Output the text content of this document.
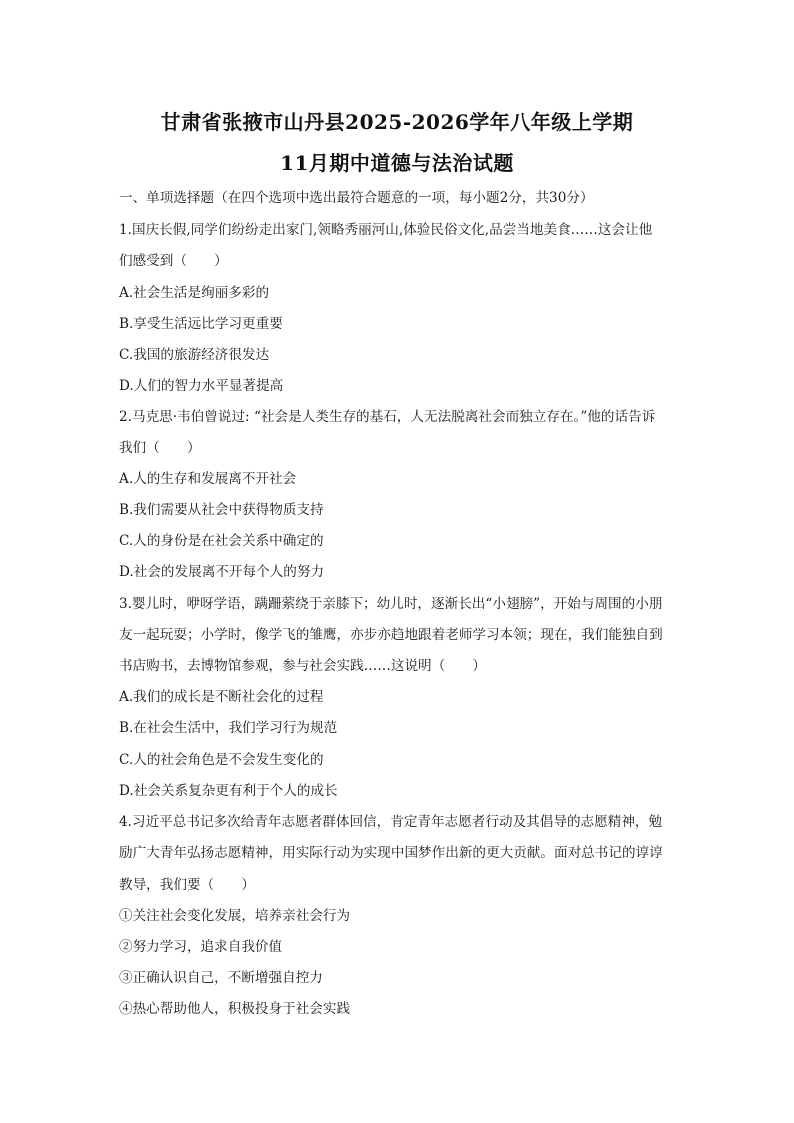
甘肃省张掖市山丹县2025-2026学年八年级上学期
11月期中道德与法治试题
一、单项选择题（在四个选项中选出最符合题意的一项，每小题2分，共30分）
1.国庆长假,同学们纷纷走出家门,领略秀丽河山,体验民俗文化,品尝当地美食……这会让他
们感受到（　　）
A.社会生活是绚丽多彩的
B.享受生活远比学习更重要
C.我国的旅游经济很发达
D.人们的智力水平显著提高
2.马克思·韦伯曾说过: “社会是人类生存的基石，人无法脱离社会而独立存在。”他的话告诉
我们（　　）
A.人的生存和发展离不开社会
B.我们需要从社会中获得物质支持
C.人的身份是在社会关系中确定的
D.社会的发展离不开每个人的努力
3.婴儿时，咿呀学语，蹒跚萦绕于亲膝下；幼儿时，逐渐长出“小翅膀”，开始与周围的小朋
友一起玩耍；小学时，像学飞的雏鹰，亦步亦趋地跟着老师学习本领；现在，我们能独自到
书店购书，去博物馆参观，参与社会实践……这说明（　　）
A.我们的成长是不断社会化的过程
B.在社会生活中，我们学习行为规范
C.人的社会角色是不会发生变化的
D.社会关系复杂更有利于个人的成长
4.习近平总书记多次给青年志愿者群体回信，肯定青年志愿者行动及其倡导的志愿精神，勉
励广大青年弘扬志愿精神，用实际行动为实现中国梦作出新的更大贡献。面对总书记的谆谆
教导，我们要（　　）
①关注社会变化发展，培养亲社会行为
②努力学习，追求自我价值
③正确认识自己，不断增强自控力
④热心帮助他人，积极投身于社会实践
